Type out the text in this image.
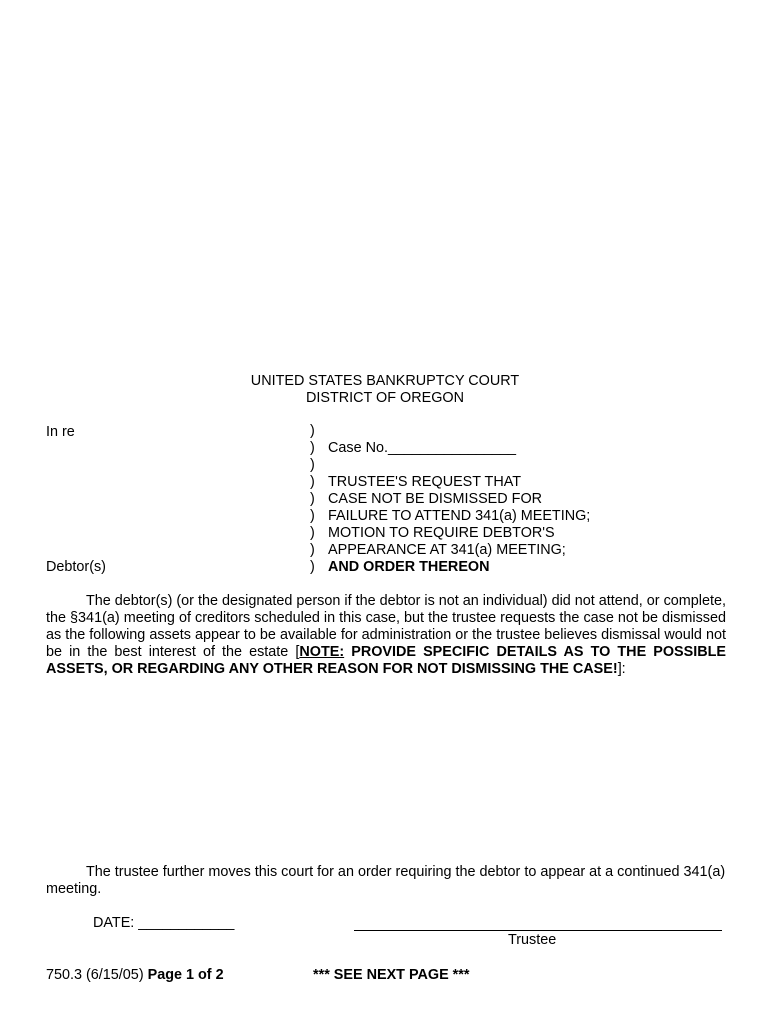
UNITED STATES BANKRUPTCY COURT
DISTRICT OF OREGON
In re
Debtor(s)
)
) Case No.________________
)
) TRUSTEE'S REQUEST THAT
) CASE NOT BE DISMISSED FOR
) FAILURE TO ATTEND 341(a) MEETING;
) MOTION TO REQUIRE DEBTOR'S
) APPEARANCE AT 341(a) MEETING;
) AND ORDER THEREON
The debtor(s) (or the designated person if the debtor is not an individual) did not attend, or complete, the §341(a) meeting of creditors scheduled in this case, but the trustee requests the case not be dismissed as the following assets appear to be available for administration or the trustee believes dismissal would not be in the best interest of the estate [NOTE: PROVIDE SPECIFIC DETAILS AS TO THE POSSIBLE ASSETS, OR REGARDING ANY OTHER REASON FOR NOT DISMISSING THE CASE!]:
The trustee further moves this court for an order requiring the debtor to appear at a continued 341(a) meeting.
DATE: ____________
Trustee
750.3 (6/15/05) Page 1 of 2	*** SEE NEXT PAGE ***
